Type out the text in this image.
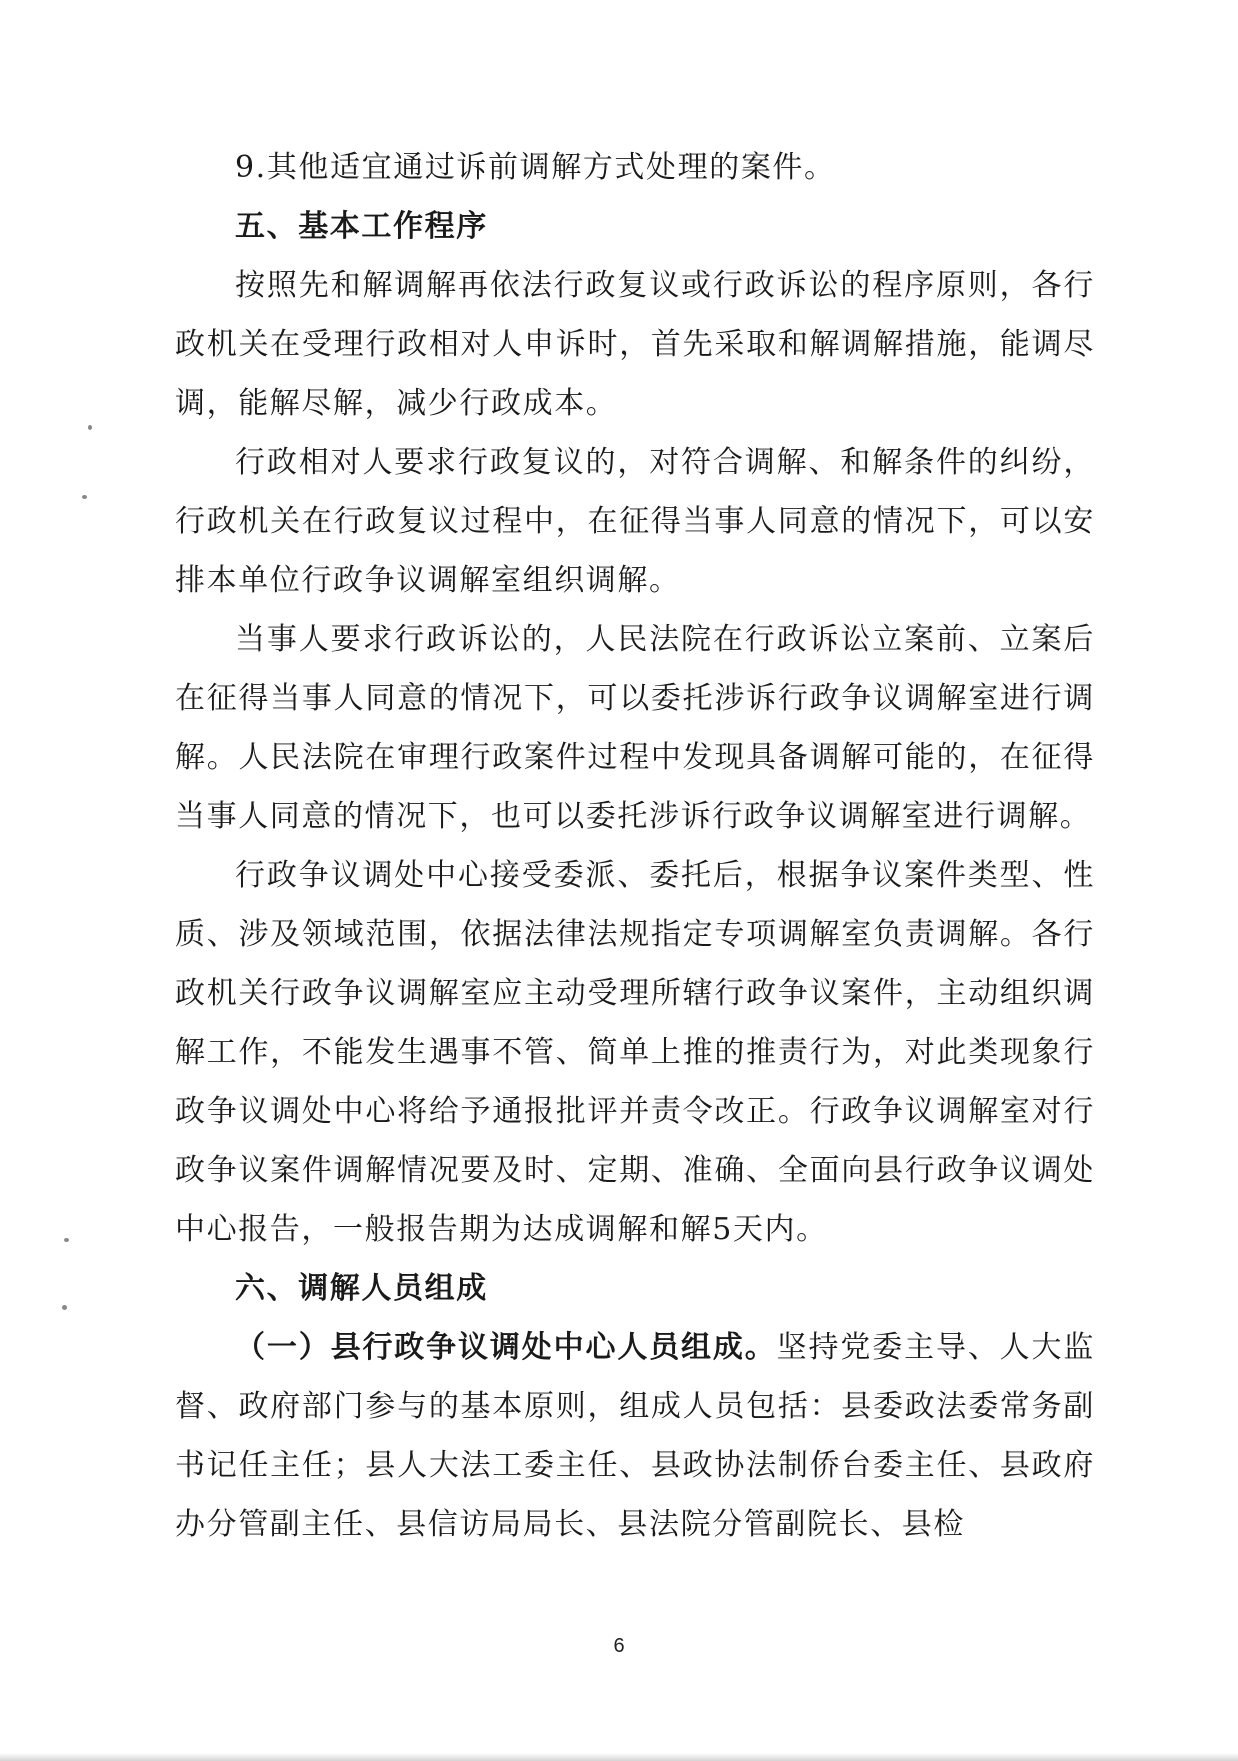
9.其他适宜通过诉前调解方式处理的案件。

五、基本工作程序

按照先和解调解再依法行政复议或行政诉讼的程序原则，各行政机关在受理行政相对人申诉时，首先采取和解调解措施，能调尽调，能解尽解，减少行政成本。

行政相对人要求行政复议的，对符合调解、和解条件的纠纷，行政机关在行政复议过程中，在征得当事人同意的情况下，可以安排本单位行政争议调解室组织调解。

当事人要求行政诉讼的，人民法院在行政诉讼立案前、立案后在征得当事人同意的情况下，可以委托涉诉行政争议调解室进行调解。人民法院在审理行政案件过程中发现具备调解可能的，在征得当事人同意的情况下，也可以委托涉诉行政争议调解室进行调解。

行政争议调处中心接受委派、委托后，根据争议案件类型、性质、涉及领域范围，依据法律法规指定专项调解室负责调解。各行政机关行政争议调解室应主动受理所辖行政争议案件，主动组织调解工作，不能发生遇事不管、简单上推的推责行为，对此类现象行政争议调处中心将给予通报批评并责令改正。行政争议调解室对行政争议案件调解情况要及时、定期、准确、全面向县行政争议调处中心报告，一般报告期为达成调解和解5天内。

六、调解人员组成

（一）县行政争议调处中心人员组成。坚持党委主导、人大监督、政府部门参与的基本原则，组成人员包括：县委政法委常务副书记任主任；县人大法工委主任、县政协法制侨台委主任、县政府办分管副主任、县信访局局长、县法院分管副院长、县检

6
